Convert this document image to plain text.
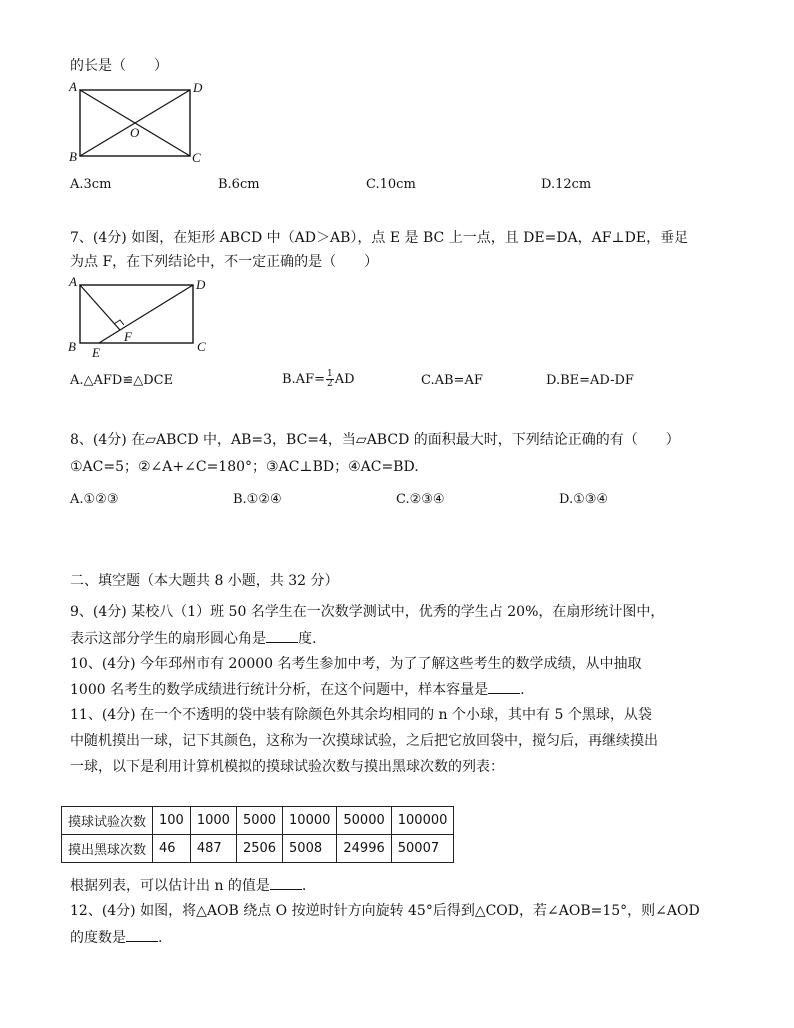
的长是（　　）
A	D
O
B	C
A.3cm	B.6cm	C.10cm	D.12cm
7、(4分) 如图，在矩形 ABCD 中（AD＞AB），点 E 是 BC 上一点，且 DE=DA，AF⊥DE，垂足
为点 F，在下列结论中，不一定正确的是（　　）
A	D
F
B E	C
A.△AFD≌△DCE	$B.AF= \frac{1}{2}$ AD	C.AB=AF	D.BE=AD-DF
8、(4分) 在▱ABCD 中，AB=3，BC=4，当▱ABCD 的面积最大时，下列结论正确的有（　　）
①AC=5；②∠A+∠C=180°；③AC⊥BD；④AC=BD.
A.①②③	B.①②④	C.②③④	D.①③④
二、填空题（本大题共 8 小题，共 32 分）
9、(4分) 某校八（1）班 50 名学生在一次数学测试中，优秀的学生占 20%，在扇形统计图中，
表示这部分学生的扇形圆心角是 度.
10、(4分) 今年邳州市有 20000 名考生参加中考，为了了解这些考生的数学成绩，从中抽取
1000 名考生的数学成绩进行统计分析，在这个问题中，样本容量是 .
11、(4分) 在一个不透明的袋中装有除颜色外其余均相同的 n 个小球，其中有 5 个黑球，从袋
中随机摸出一球，记下其颜色，这称为一次摸球试验，之后把它放回袋中，搅匀后，再继续摸出
一球，以下是利用计算机模拟的摸球试验次数与摸出黑球次数的列表：
摸球试验次数	100	1000	5000	10000	50000	100000
摸出黑球次数	46	487	2506	5008	24996	50007
根据列表，可以估计出 n 的值是 .
12、(4分) 如图，将△AOB 绕点 O 按逆时针方向旋转 45°后得到△COD，若∠AOB=15°，则∠AOD
的度数是 .
